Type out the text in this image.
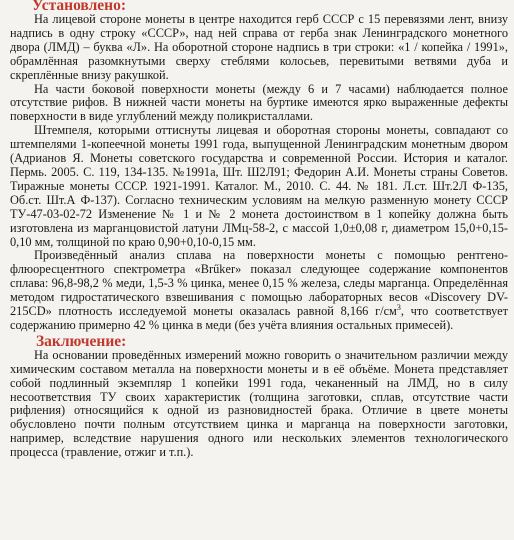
Установлено:

На лицевой стороне монеты в центре находится герб СССР с 15 перевязями лент, внизу надпись в одну строку «СССР», над ней справа от герба знак Ленинградского монетного двора (ЛМД) – буква «Л». На оборотной стороне надпись в три строки: «1 / копейка / 1991», обрамлённая разомкнутыми сверху стеблями колосьев, перевитыми ветвями дуба и скреплённые внизу ракушкой.

На части боковой поверхности монеты (между 6 и 7 часами) наблюдается полное отсутствие рифов. В нижней части монеты на буртике имеются ярко выраженные дефекты поверхности в виде углублений между поликристаллами.

Штемпеля, которыми оттиснуты лицевая и оборотная стороны монеты, совпадают со штемпелями 1-копеечной монеты 1991 года, выпущенной Ленинградским монетным двором (Адрианов Я. Монеты советского государства и современной России. История и каталог. Пермь. 2005. С. 119, 134-135. №1991а, Шт. Ш2Л91; Федорин А.И. Монеты страны Советов. Тиражные монеты СССР. 1921-1991. Каталог. М., 2010. С. 44. № 181. Л.ст. Шт.2Л Ф-135, Об.ст. Шт.А Ф-137). Согласно техническим условиям на мелкую разменную монету СССР ТУ-47-03-02-72 Изменение № 1 и № 2 монета достоинством в 1 копейку должна быть изготовлена из марганцовистой латуни ЛМц-58-2, с массой 1,0±0,08 г, диаметром 15,0+0,15-0,10 мм, толщиной по краю 0,90+0,10-0,15 мм.

Произведённый анализ сплава на поверхности монеты с помощью рентгено-флюоресцентного спектрометра «Brűker» показал следующее содержание компонентов сплава: 96,8-98,2 % меди, 1,5-3 % цинка, менее 0,15 % железа, следы марганца. Определённая методом гидростатического взвешивания с помощью лабораторных весов «Discovery DV-215CD» плотность исследуемой монеты оказалась равной 8,166 $г/см^3$, что соответствует содержанию примерно 42 % цинка в меди (без учёта влияния остальных примесей).

Заключение:

На основании проведённых измерений можно говорить о значительном различии между химическим составом металла на поверхности монеты и в её объёме. Монета представляет собой подлинный экземпляр 1 копейки 1991 года, чеканенный на ЛМД, но в силу несоответствия ТУ своих характеристик (толщина заготовки, сплав, отсутствие части рифления) относящийся к одной из разновидностей брака. Отличие в цвете монеты обусловлено почти полным отсутствием цинка и марганца на поверхности заготовки, например, вследствие нарушения одного или нескольких элементов технологического процесса (травление, отжиг и т.п.).
